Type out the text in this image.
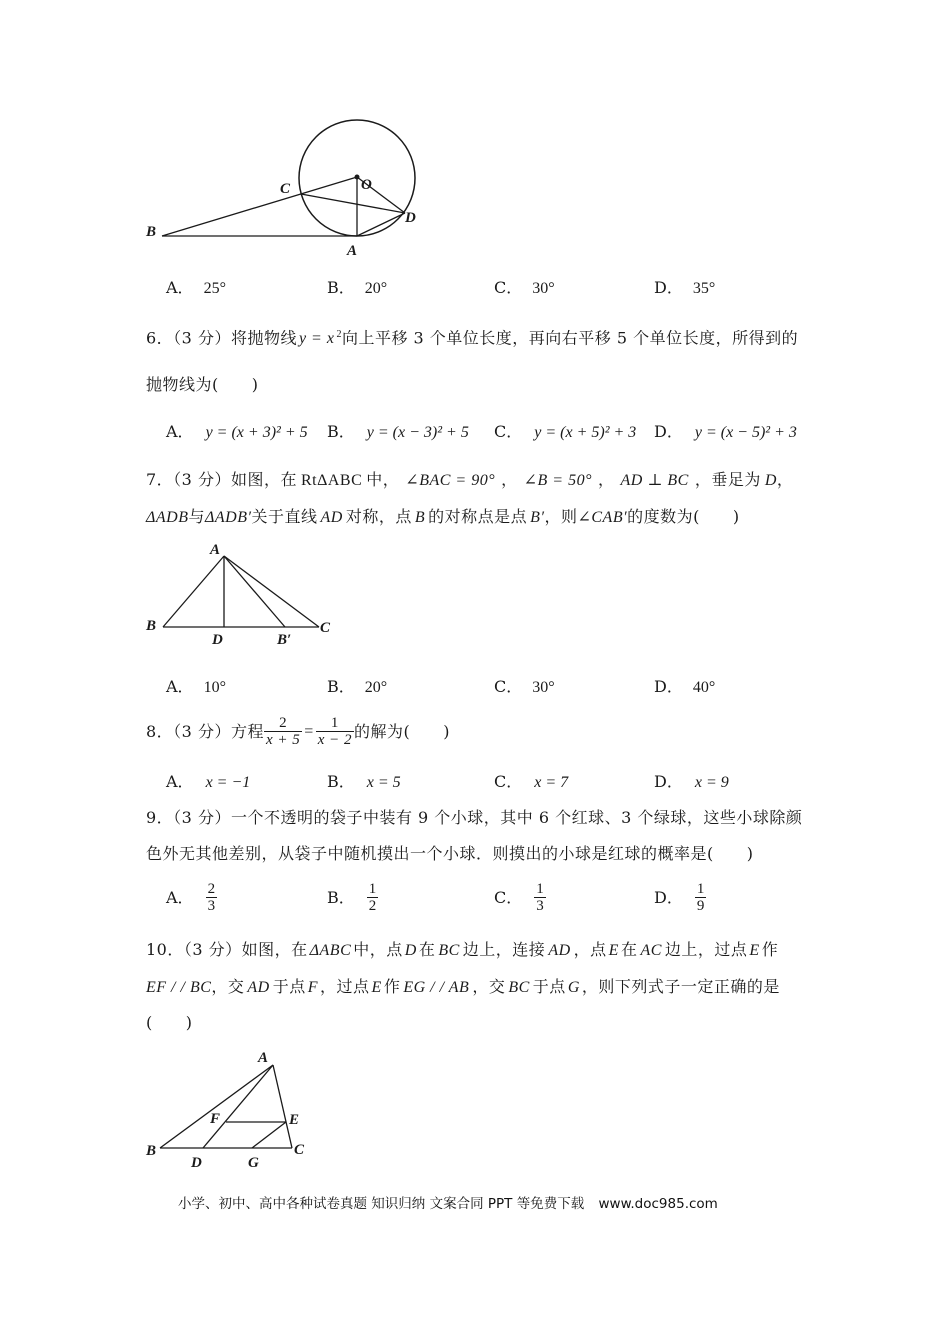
B
C	O
D
A
A． 25°	B． 20°	C． 30°	D． 35°
6．（3 分）将抛物线 y = x $^2$向上平移 3 个单位长度，再向右平移 5 个单位长度，所得到的
抛物线为(　　)
A． y = (x + 3)² + 5 B． y = (x − 3)² + 5 C． y = (x + 5)² + 3 D． y = (x − 5)² + 3
7．（3 分）如图，在 RtΔABC 中， ∠BAC = 90° ， ∠B = 50° ， AD ⊥ BC ，垂足为 D，
ΔADB与ΔADB′关于直线 AD 对称，点 B 的对称点是点 B′，则∠CAB′的度数为(　　)
A
B
D	B′
C
A． 10°	B． 20°	C． 30°	D． 40°
8．（3 分）方程 $\frac{2}{x + 5} = \frac{1}{x - 2}$ 的解为(　　)
A． x = −1	B． x = 5	C． x = 7	D． x = 9
9．（3 分）一个不透明的袋子中装有 9 个小球，其中 6 个红球、3 个绿球，这些小球除颜
色外无其他差别，从袋子中随机摸出一个小球．则摸出的小球是红球的概率是(　　)
A． $\frac{2}{3}$	B． $\frac{1}{2}$	C． $\frac{1}{3}$	D． $\frac{1}{9}$
10．（3 分）如图，在 ΔABC 中，点 D 在 BC 边上，连接 AD ，点 E 在 AC 边上，过点 E 作
EF / / BC，交 AD 于点 F ，过点 E 作 EG / / AB ，交 BC 于点 G ，则下列式子一定正确的是
(　　)
A
F	E
B
D	G
C
小学、初中、高中各种试卷真题 知识归纳 文案合同 PPT 等免费下载 www.doc985.com
